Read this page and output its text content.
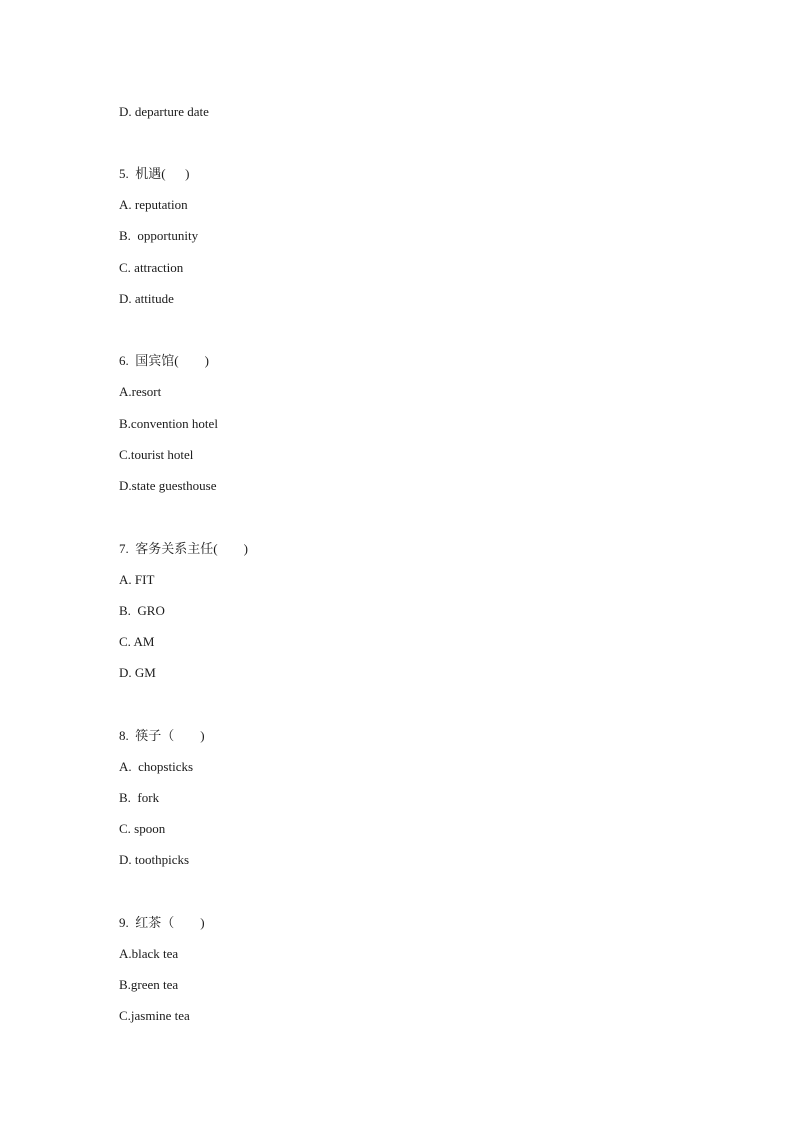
D. departure date
5.  机遇(      )
A. reputation
B.  opportunity
C. attraction
D. attitude
6.  国宾馆(        )
A.resort
B.convention hotel
C.tourist hotel
D.state guesthouse
7.  客务关系主任(        )
A. FIT
B.  GRO
C. AM
D. GM
8.  筷子（        )
A.  chopsticks
B.  fork
C. spoon
D. toothpicks
9.  红茶（        )
A.black tea
B.green tea
C.jasmine tea
